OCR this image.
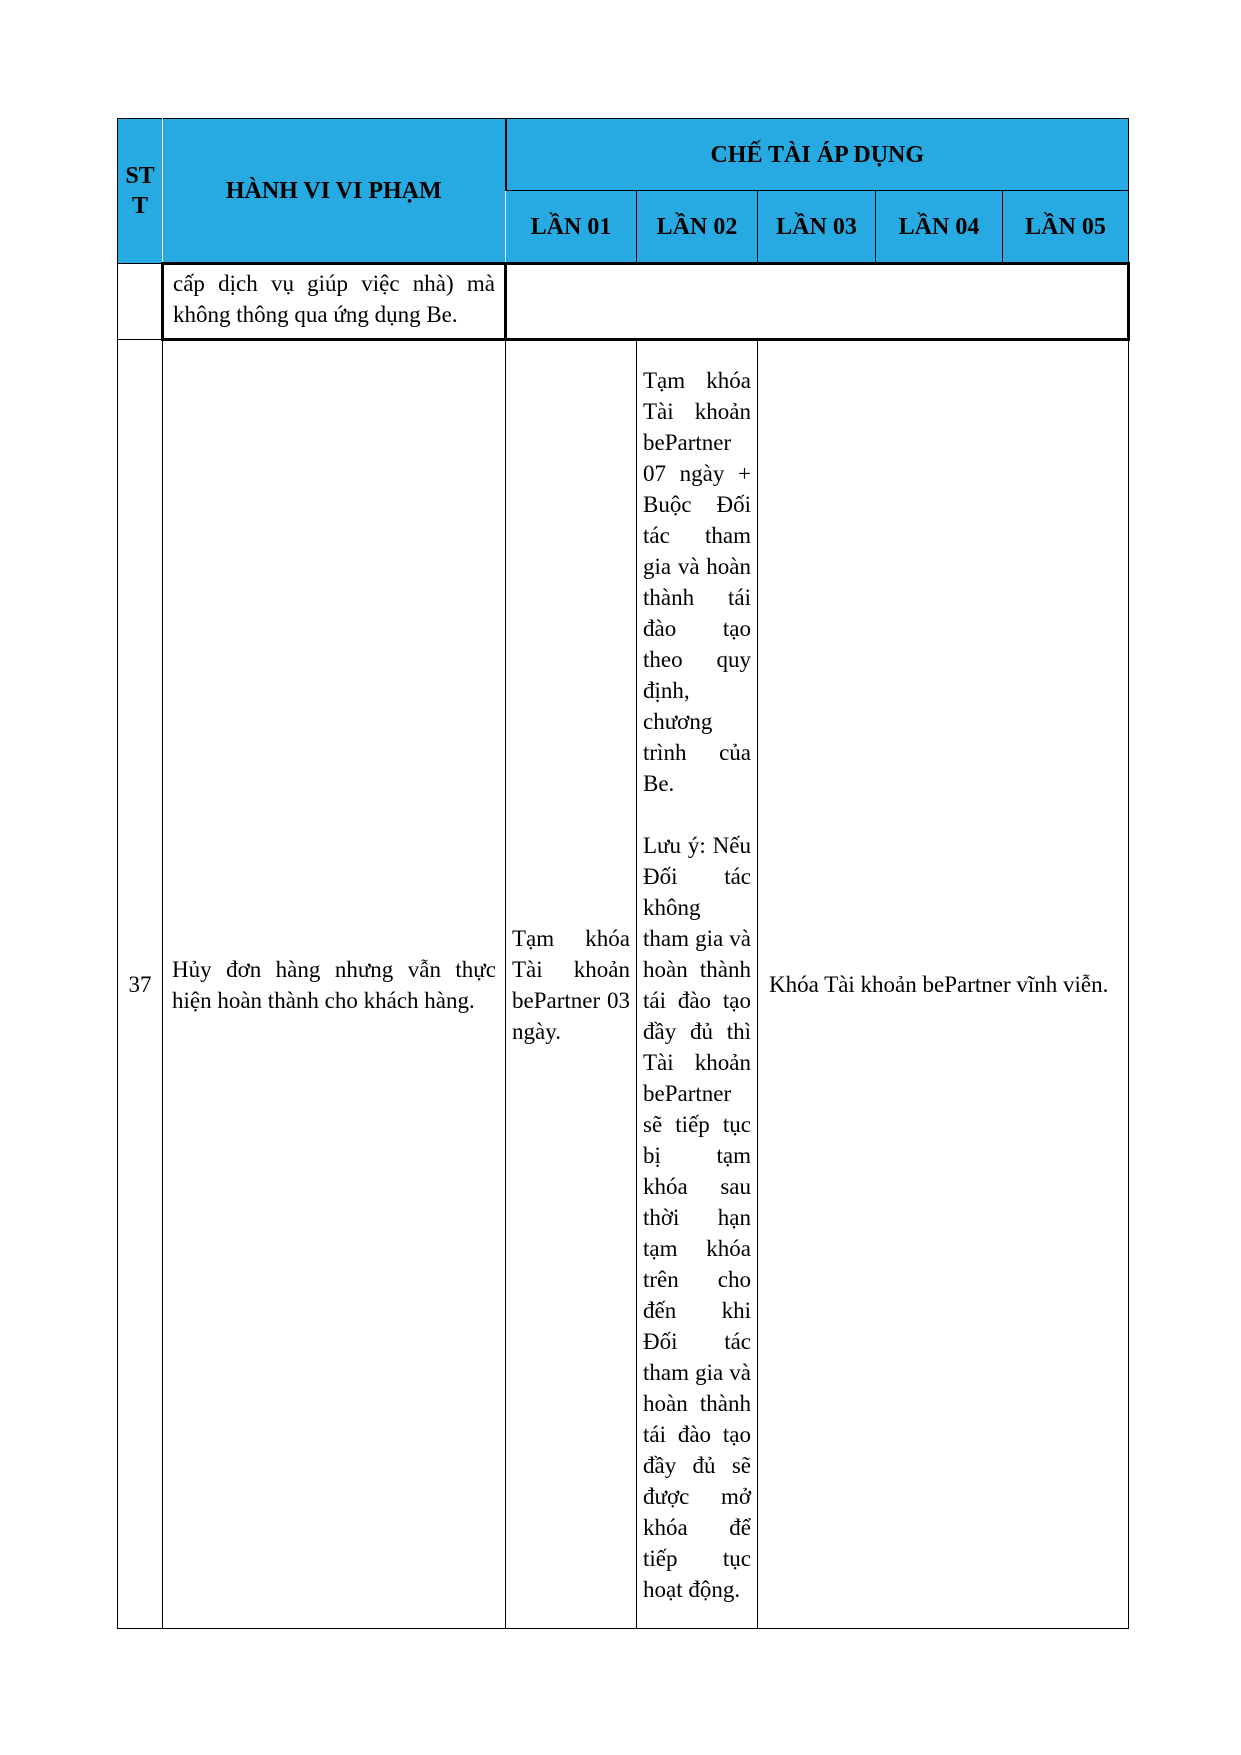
STT	HÀNH VI VI PHẠM	CHẾ TÀI ÁP DỤNG				
		LẦN 01	LẦN 02	LẦN 03	LẦN 04	LẦN 05
	cấp dịch vụ giúp việc nhà) mà không thông qua ứng dụng Be.					
37	Hủy đơn hàng nhưng vẫn thực hiện hoàn thành cho khách hàng.	Tạm khóa Tài khoản bePartner 03 ngày.	Tạm khóa Tài khoản bePartner 07 ngày + Buộc Đối tác tham gia và hoàn thành tái đào tạo theo quy định, chương trình của Be.

Lưu ý: Nếu Đối tác không tham gia và hoàn thành tái đào tạo đầy đủ thì Tài khoản bePartner sẽ tiếp tục bị tạm khóa sau thời hạn tạm khóa trên cho đến khi Đối tác tham gia và hoàn thành tái đào tạo đầy đủ sẽ được mở khóa để tiếp tục hoạt động.	Khóa Tài khoản bePartner vĩnh viễn.		
